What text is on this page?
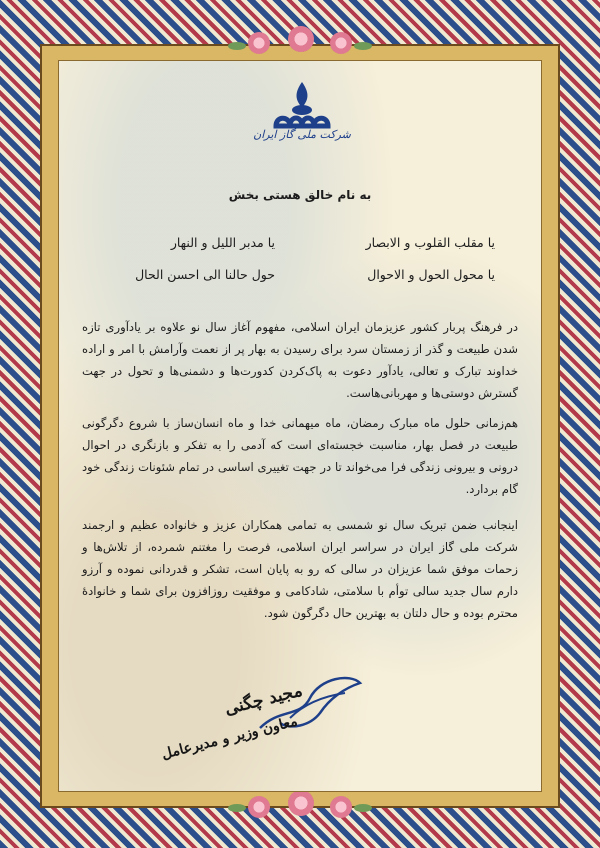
شرکت ملی گاز ایران
به نام خالق هستی بخش
یا مقلب القلوب و الابصار
یا مدبر اللیل و النهار
یا محول الحول و الاحوال
حول حالنا الی احسن الحال
در فرهنگ پربار کشور عزیزمان ایران اسلامی، مفهوم آغاز سال نو علاوه بر یادآوری تازه شدن طبیعت و گذر از زمستان سرد برای رسیدن به بهار پر از نعمت وآرامش با امر و اراده خداوند تبارک و تعالی، یادآور دعوت به پاک‌کردن کدورت‌ها و دشمنی‌ها و تحول در جهت گسترش دوستی‌ها و مهربانی‌هاست.
هم‌زمانی حلول ماه مبارک رمضان، ماه میهمانی خدا و ماه انسان‌ساز با شروع دگرگونی طبیعت در فصل بهار، مناسبت خجسته‌ای است که آدمی را به تفکر و بازنگری در احوال درونی و بیرونی زندگی فرا می‌خواند تا در جهت تغییری اساسی در تمام شئونات زندگی خود گام بردارد.
اینجانب ضمن تبریک سال نو شمسی به تمامی همکاران عزیز و خانواده عظیم و ارجمند شرکت ملی گاز ایران در سراسر ایران اسلامی، فرصت را مغتنم شمرده، از تلاش‌ها و زحمات موفق شما عزیزان در سالی که رو به پایان است، تشکر و قدردانی نموده و آرزو دارم سال جدید سالی توأم با سلامتی، شادکامی و موفقیت روزافزون برای شما و خانوادهٔ محترم بوده و حال دلتان به بهترین حال دگرگون شود.
مجید چگنی
معاون وزیر و مدیرعامل
